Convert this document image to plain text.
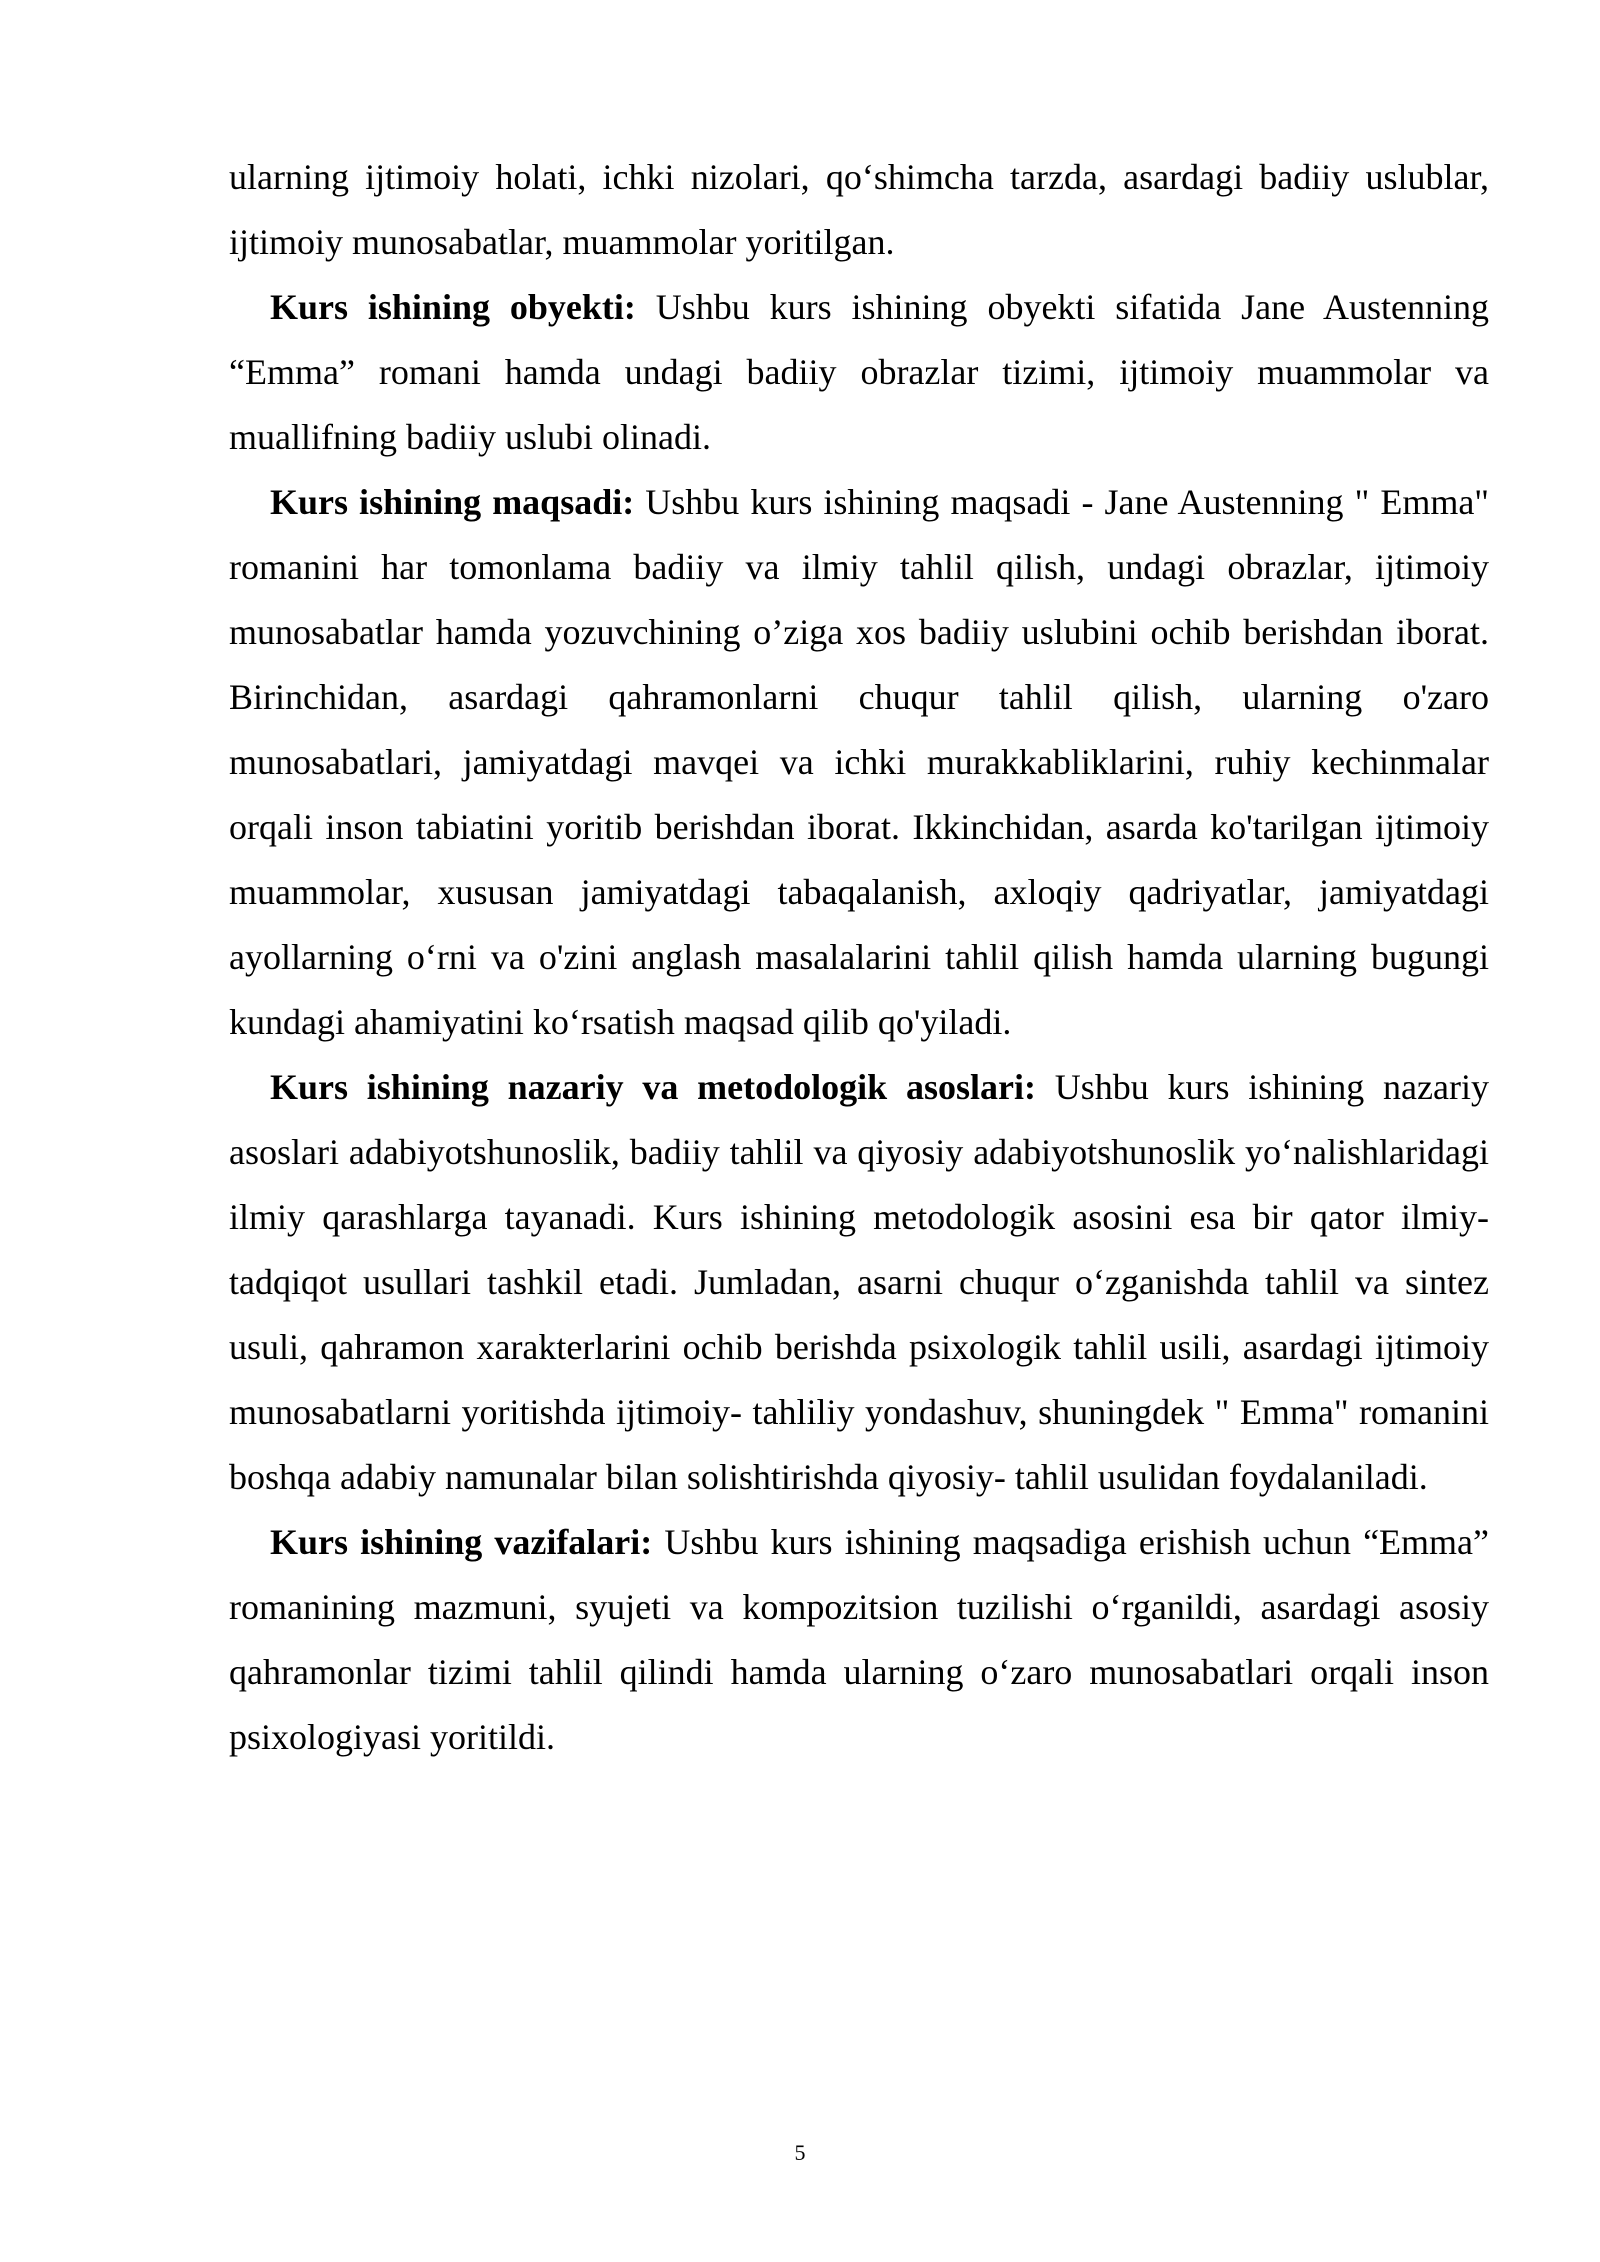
ularning ijtimoiy holati, ichki nizolari, qo‘shimcha tarzda, asardagi badiiy uslublar, ijtimoiy munosabatlar, muammolar yoritilgan.

Kurs ishining obyekti: Ushbu kurs ishining obyekti sifatida Jane Austenning “Emma” romani hamda undagi badiiy obrazlar tizimi, ijtimoiy muammolar va muallifning badiiy uslubi olinadi.

Kurs ishining maqsadi: Ushbu kurs ishining maqsadi - Jane Austenning " Emma" romanini har tomonlama badiiy va ilmiy tahlil qilish, undagi obrazlar, ijtimoiy munosabatlar hamda yozuvchining o’ziga xos badiiy uslubini ochib berishdan iborat. Birinchidan, asardagi qahramonlarni chuqur tahlil qilish, ularning o'zaro munosabatlari, jamiyatdagi mavqei va ichki murakkabliklarini, ruhiy kechinmalar orqali inson tabiatini yoritib berishdan iborat. Ikkinchidan, asarda ko'tarilgan ijtimoiy muammolar, xususan jamiyatdagi tabaqalanish, axloqiy qadriyatlar, jamiyatdagi ayollarning o‘rni va o'zini anglash masalalarini tahlil qilish hamda ularning bugungi kundagi ahamiyatini ko‘rsatish maqsad qilib qo'yiladi.

Kurs ishining nazariy va metodologik asoslari: Ushbu kurs ishining nazariy asoslari adabiyotshunoslik, badiiy tahlil va qiyosiy adabiyotshunoslik yo‘nalishlaridagi ilmiy qarashlarga tayanadi. Kurs ishining metodologik asosini esa bir qator ilmiy- tadqiqot usullari tashkil etadi. Jumladan, asarni chuqur o‘zganishda tahlil va sintez usuli, qahramon xarakterlarini ochib berishda psixologik tahlil usili, asardagi ijtimoiy munosabatlarni yoritishda ijtimoiy- tahliliy yondashuv, shuningdek " Emma" romanini boshqa adabiy namunalar bilan solishtirishda qiyosiy- tahlil usulidan foydalaniladi.

Kurs ishining vazifalari: Ushbu kurs ishining maqsadiga erishish uchun “Emma” romanining mazmuni, syujeti va kompozitsion tuzilishi o‘rganildi, asardagi asosiy qahramonlar tizimi tahlil qilindi hamda ularning o‘zaro munosabatlari orqali inson psixologiyasi yoritildi.

5
